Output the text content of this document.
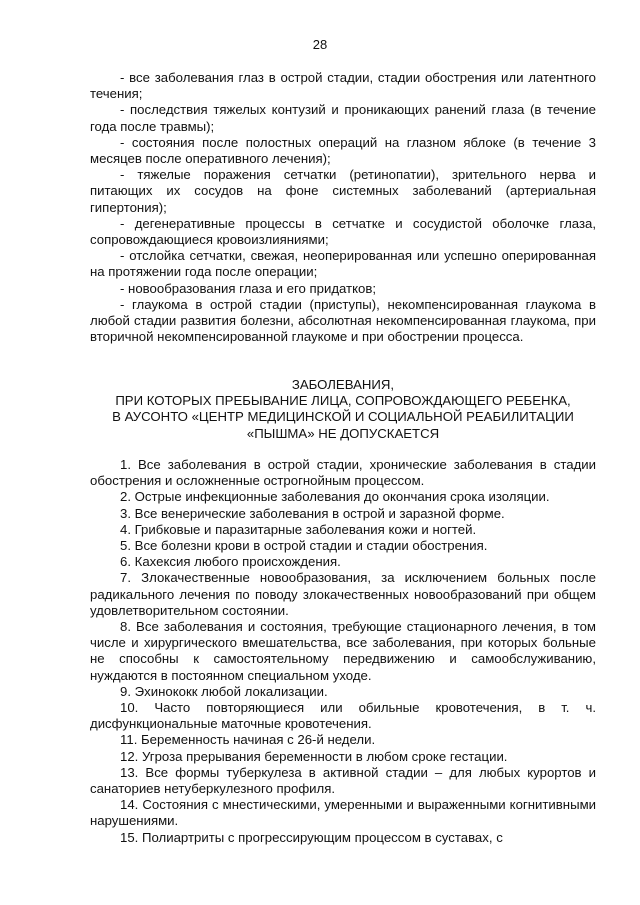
28

- все заболевания глаз в острой стадии, стадии обострения или латентного течения;

- последствия тяжелых контузий и проникающих ранений глаза (в течение года после травмы);

- состояния после полостных операций на глазном яблоке (в течение 3 месяцев после оперативного лечения);

- тяжелые поражения сетчатки (ретинопатии), зрительного нерва и питающих их сосудов на фоне системных заболеваний (артериальная гипертония);

- дегенеративные процессы в сетчатке и сосудистой оболочке глаза, сопровождающиеся кровоизлияниями;

- отслойка сетчатки, свежая, неоперированная или успешно оперированная на протяжении года после операции;

- новообразования глаза и его придатков;

- глаукома в острой стадии (приступы), некомпенсированная глаукома в любой стадии развития болезни, абсолютная некомпенсированная глаукома, при вторичной некомпенсированной глаукоме и при обострении процесса.

ЗАБОЛЕВАНИЯ,

ПРИ КОТОРЫХ ПРЕБЫВАНИЕ ЛИЦА, СОПРОВОЖДАЮЩЕГО РЕБЕНКА,

В АУСОНТО «ЦЕНТР МЕДИЦИНСКОЙ И СОЦИАЛЬНОЙ РЕАБИЛИТАЦИИ

«ПЫШМА» НЕ ДОПУСКАЕТСЯ

1. Все заболевания в острой стадии, хронические заболевания в стадии обострения и осложненные острогнойным процессом.

2. Острые инфекционные заболевания до окончания срока изоляции.

3. Все венерические заболевания в острой и заразной форме.

4. Грибковые и паразитарные заболевания кожи и ногтей.

5. Все болезни крови в острой стадии и стадии обострения.

6. Кахексия любого происхождения.

7. Злокачественные новообразования, за исключением больных после радикального лечения по поводу злокачественных новообразований при общем удовлетворительном состоянии.

8. Все заболевания и состояния, требующие стационарного лечения, в том числе и хирургического вмешательства, все заболевания, при которых больные не способны к самостоятельному передвижению и самообслуживанию, нуждаются в постоянном специальном уходе.

9. Эхинококк любой локализации.

10. Часто повторяющиеся или обильные кровотечения, в т. ч. дисфункциональные маточные кровотечения.

11. Беременность начиная с 26-й недели.

12. Угроза прерывания беременности в любом сроке гестации.

13. Все формы туберкулеза в активной стадии – для любых курортов и санаториев нетуберкулезного профиля.

14. Состояния с мнестическими, умеренными и выраженными когнитивными нарушениями.

15. Полиартриты с прогрессирующим процессом в суставах, с
